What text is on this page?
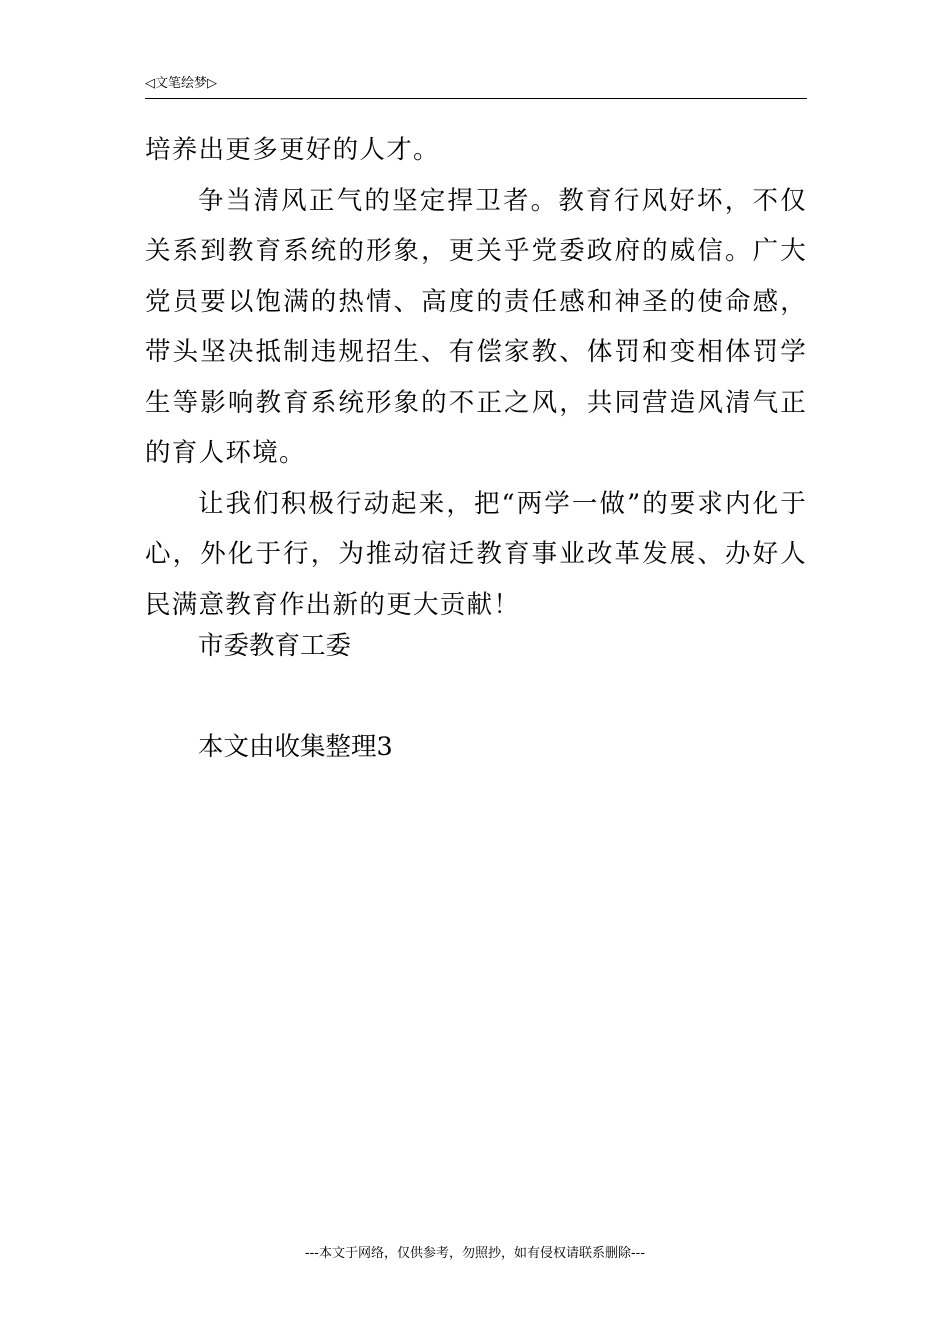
◁文笔绘梦▷

培养出更多更好的人才。

争当清风正气的坚定捍卫者。教育行风好坏，不仅关系到教育系统的形象，更关乎党委政府的威信。广大党员要以饱满的热情、高度的责任感和神圣的使命感，带头坚决抵制违规招生、有偿家教、体罚和变相体罚学生等影响教育系统形象的不正之风，共同营造风清气正的育人环境。

让我们积极行动起来，把“两学一做”的要求内化于心，外化于行，为推动宿迁教育事业改革发展、办好人民满意教育作出新的更大贡献！

市委教育工委
本文由收集整理3
---本文于网络，仅供参考，勿照抄，如有侵权请联系删除---
